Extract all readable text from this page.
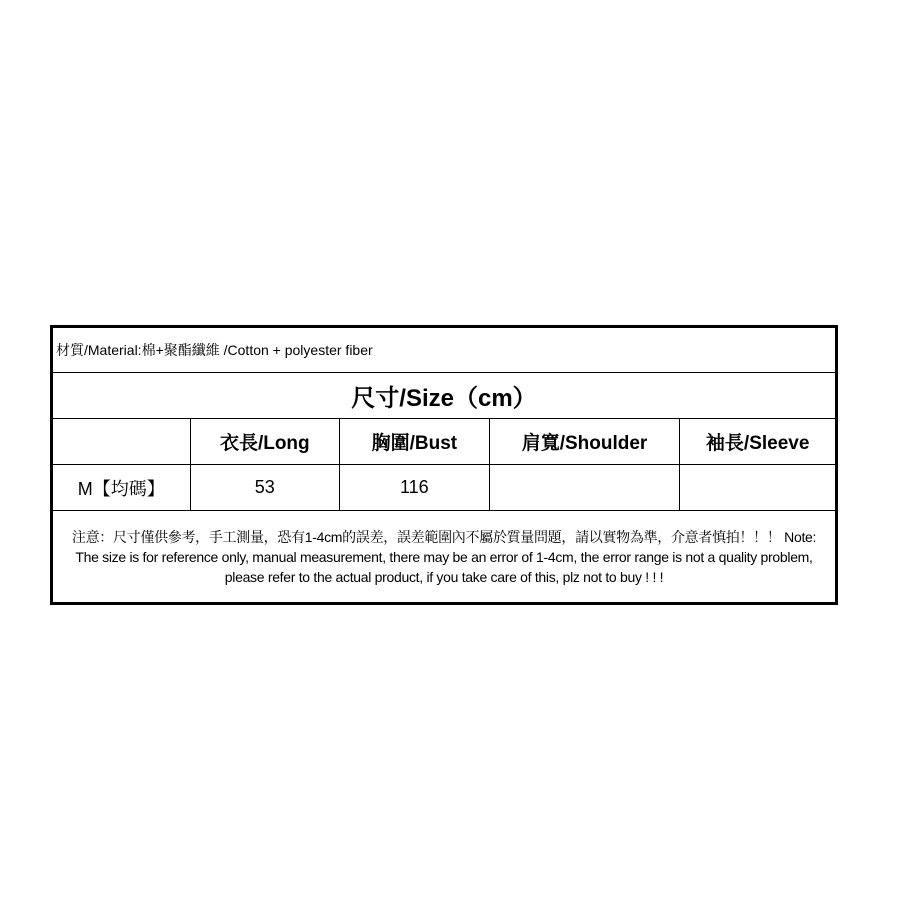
材質/Material:棉+聚酯纖維 /Cotton + polyester fiber				
尺寸/Size（cm）				
	衣長/Long	胸圍/Bust	肩寬/Shoulder	袖長/Sleeve
M【均碼】	53	116		
注意：尺寸僅供參考，手工測量，恐有1-4cm的誤差，誤差範圍內不屬於質量問題，請以實物為準，介意者慎拍！！！ Note: The size is for reference only, manual measurement, there may be an error of 1-4cm, the error range is not a quality problem, please refer to the actual product, if you take care of this, plz not to buy ! ! !				
